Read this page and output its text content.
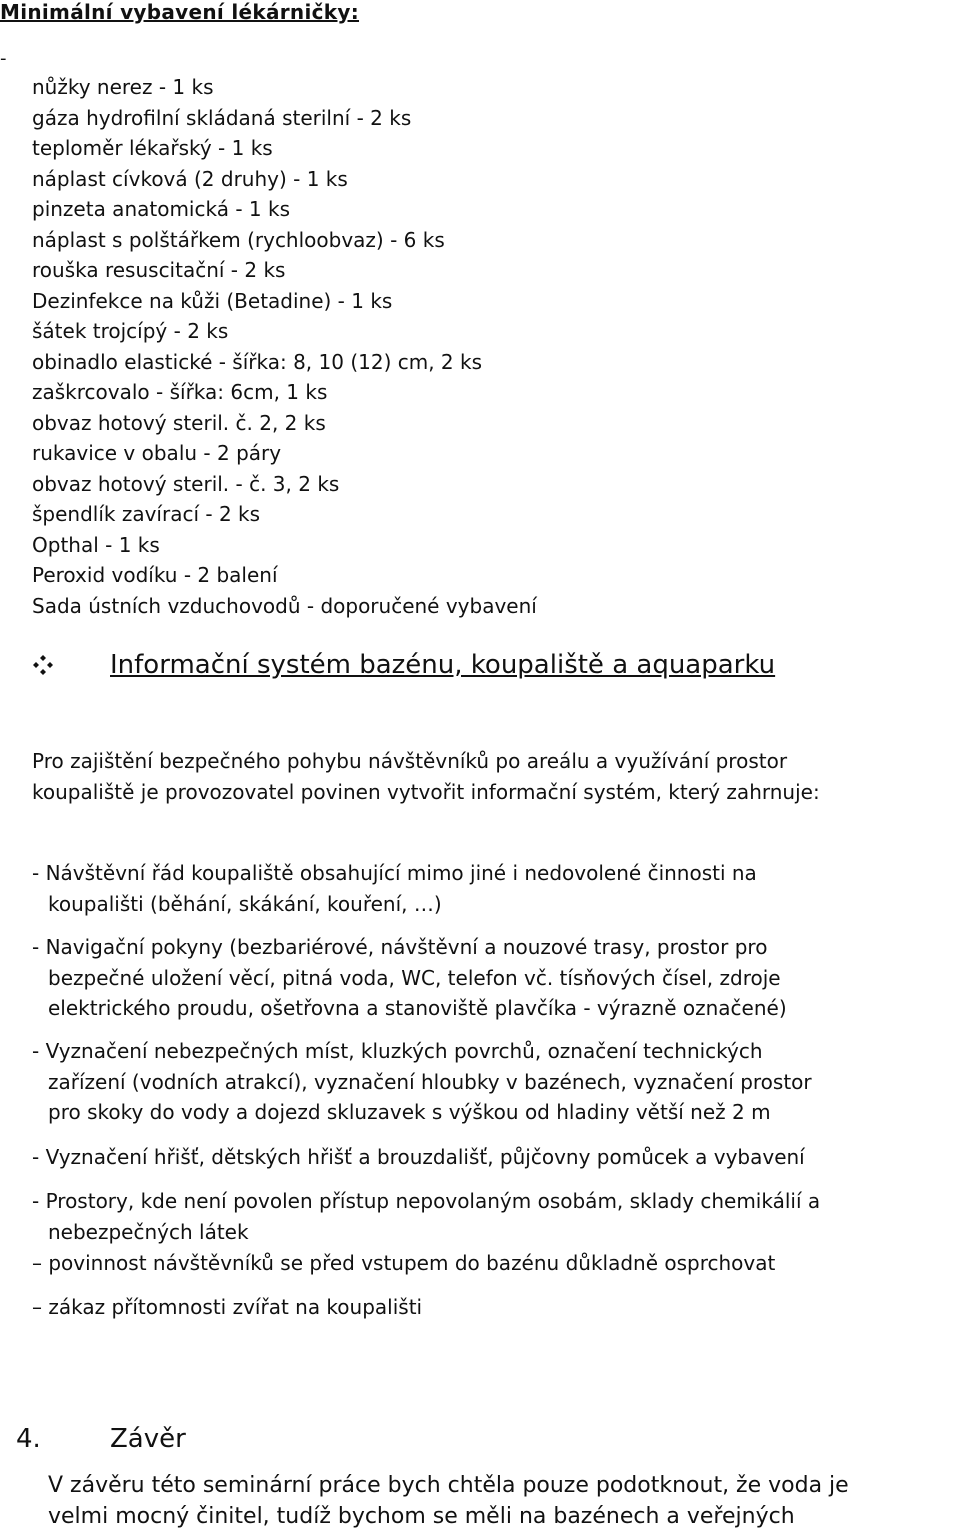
Minimální vybavení lékárničky:
-
nůžky nerez - 1 ks
gáza hydrofilní skládaná sterilní - 2 ks
teploměr lékařský - 1 ks
náplast cívková (2 druhy) - 1 ks
pinzeta anatomická - 1 ks
náplast s polštářkem (rychloobvaz) - 6 ks
rouška resuscitační - 2 ks
Dezinfekce na kůži (Betadine) - 1 ks
šátek trojcípý - 2 ks
obinadlo elastické - šířka: 8, 10 (12) cm, 2 ks
zaškrcovalo - šířka: 6cm, 1 ks
obvaz hotový steril. č. 2, 2 ks
rukavice v obalu - 2 páry
obvaz hotový steril. - č. 3, 2 ks
špendlík zavírací - 2 ks
Opthal - 1 ks
Peroxid vodíku - 2 balení
Sada ústních vzduchovodů - doporučené vybavení
Informační systém bazénu, koupaliště a aquaparku
Pro zajištění bezpečného pohybu návštěvníků po areálu a využívání prostor
koupaliště je provozovatel povinen vytvořit informační systém, který zahrnuje:
- Návštěvní řád koupaliště obsahující mimo jiné i nedovolené činnosti na
koupališti (běhání, skákání, kouření, …)
- Navigační pokyny (bezbariérové, návštěvní a nouzové trasy, prostor pro
bezpečné uložení věcí, pitná voda, WC, telefon vč. tísňových čísel, zdroje
elektrického proudu, ošetřovna a stanoviště plavčíka - výrazně označené)
- Vyznačení nebezpečných míst, kluzkých povrchů, označení technických
zařízení (vodních atrakcí), vyznačení hloubky v bazénech, vyznačení prostor
pro skoky do vody a dojezd skluzavek s výškou od hladiny větší než 2 m
- Vyznačení hřišť, dětských hřišť a brouzdališť, půjčovny pomůcek a vybavení
- Prostory, kde není povolen přístup nepovolaným osobám, sklady chemikálií a
nebezpečných látek
– povinnost návštěvníků se před vstupem do bazénu důkladně osprchovat
– zákaz přítomnosti zvířat na koupališti
4.	Závěr
V závěru této seminární práce bych chtěla pouze podotknout, že voda je
velmi mocný činitel, tudíž bychom se měli na bazénech a veřejných
